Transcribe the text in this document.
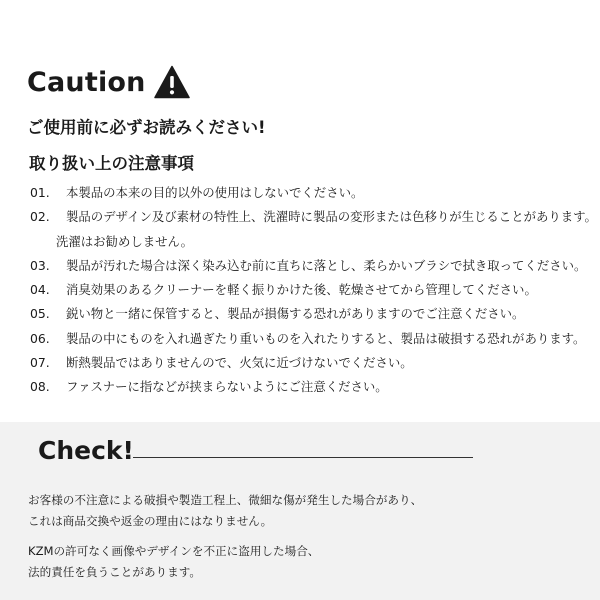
Caution
ご使用前に必ずお読みください!
取り扱い上の注意事項
01. 本製品の本来の目的以外の使用はしないでください。
02. 製品のデザイン及び素材の特性上、洗濯時に製品の変形または色移りが生じることがあります。
洗濯はお勧めしません。
03. 製品が汚れた場合は深く染み込む前に直ちに落とし、柔らかいブラシで拭き取ってください。
04. 消臭効果のあるクリーナーを軽く振りかけた後、乾燥させてから管理してください。
05. 鋭い物と一緒に保管すると、製品が損傷する恐れがありますのでご注意ください。
06. 製品の中にものを入れ過ぎたり重いものを入れたりすると、製品は破損する恐れがあります。
07. 断熱製品ではありませんので、火気に近づけないでください。
08. ファスナーに指などが挟まらないようにご注意ください。
Check!
お客様の不注意による破損や製造工程上、微細な傷が発生した場合があり、
これは商品交換や返金の理由にはなりません。
KZMの許可なく画像やデザインを不正に盗用した場合、
法的責任を負うことがあります。
